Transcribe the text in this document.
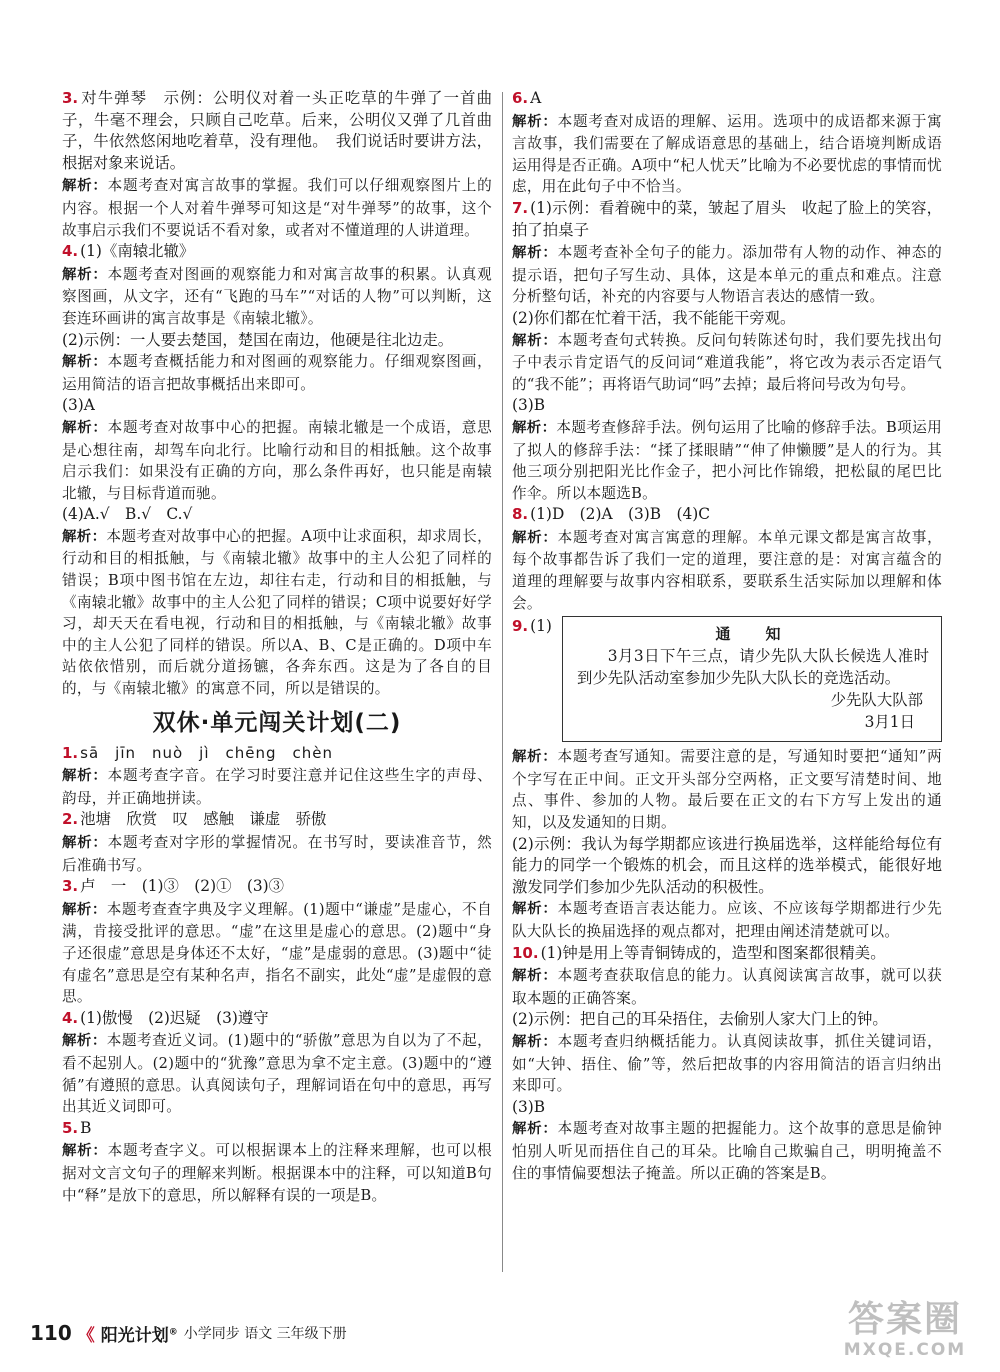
3. 对牛弹琴　示例：公明仪对着一头正吃草的牛弹了一首曲子，牛毫不理会，只顾自己吃草。后来，公明仪又弹了几首曲子，牛依然悠闲地吃着草，没有理他。　我们说话时要讲方法，根据对象来说话。

解析：本题考查对寓言故事的掌握。我们可以仔细观察图片上的内容。根据一个人对着牛弹琴可知这是“对牛弹琴”的故事，这个故事启示我们不要说话不看对象，或者对不懂道理的人讲道理。

4. (1)《南辕北辙》

解析：本题考查对图画的观察能力和对寓言故事的积累。认真观察图画，从文字，还有“飞跑的马车”“对话的人物”可以判断，这套连环画讲的寓言故事是《南辕北辙》。

(2)示例：一人要去楚国，楚国在南边，他硬是往北边走。

解析：本题考查概括能力和对图画的观察能力。仔细观察图画，运用简洁的语言把故事概括出来即可。

(3)A

解析：本题考查对故事中心的把握。南辕北辙是一个成语，意思是心想往南，却驾车向北行。比喻行动和目的相抵触。这个故事启示我们：如果没有正确的方向，那么条件再好，也只能是南辕北辙，与目标背道而驰。

(4)A.√　B.√　C.√

解析：本题考查对故事中心的把握。A项中让求面积，却求周长，行动和目的相抵触，与《南辕北辙》故事中的主人公犯了同样的错误；B项中图书馆在左边，却往右走，行动和目的相抵触，与《南辕北辙》故事中的主人公犯了同样的错误；C项中说要好好学习，却天天在看电视，行动和目的相抵触，与《南辕北辙》故事中的主人公犯了同样的错误。所以A、B、C是正确的。D项中车站依依惜别，而后就分道扬镳，各奔东西。这是为了各自的目的，与《南辕北辙》的寓意不同，所以是错误的。

双休·单元闯关计划(二)

1. sā　jīn　nuò　jì　chēng　chèn

解析：本题考查字音。在学习时要注意并记住这些生字的声母、韵母，并正确地拼读。

2. 池塘　欣赏　叹　感触　谦虚　骄傲

解析：本题考查对字形的掌握情况。在书写时，要读准音节，然后准确书写。

3. 卢　一　(1)③　(2)①　(3)③

解析：本题考查查字典及字义理解。(1)题中“谦虚”是虚心，不自满，肯接受批评的意思。“虚”在这里是虚心的意思。(2)题中“身子还很虚”意思是身体还不太好，“虚”是虚弱的意思。(3)题中“徒有虚名”意思是空有某种名声，指名不副实，此处“虚”是虚假的意思。

4. (1)傲慢　(2)迟疑　(3)遵守

解析：本题考查近义词。(1)题中的“骄傲”意思为自以为了不起，看不起别人。(2)题中的“犹豫”意思为拿不定主意。(3)题中的“遵循”有遵照的意思。认真阅读句子，理解词语在句中的意思，再写出其近义词即可。

5. B

解析：本题考查字义。可以根据课本上的注释来理解，也可以根据对文言文句子的理解来判断。根据课本中的注释，可以知道B句中“释”是放下的意思，所以解释有误的一项是B。

6. A

解析：本题考查对成语的理解、运用。选项中的成语都来源于寓言故事，我们需要在了解成语意思的基础上，结合语境判断成语运用得是否正确。A项中“杞人忧天”比喻为不必要忧虑的事情而忧虑，用在此句子中不恰当。

7. (1)示例：看着碗中的菜，皱起了眉头　收起了脸上的笑容，拍了拍桌子

解析：本题考查补全句子的能力。添加带有人物的动作、神态的提示语，把句子写生动、具体，这是本单元的重点和难点。注意分析整句话，补充的内容要与人物语言表达的感情一致。

(2)你们都在忙着干活，我不能能干旁观。

解析：本题考查句式转换。反问句转陈述句时，我们要先找出句子中表示肯定语气的反问词“难道我能”，将它改为表示否定语气的“我不能”；再将语气助词“吗”去掉；最后将问号改为句号。

(3)B

解析：本题考查修辞手法。例句运用了比喻的修辞手法。B项运用了拟人的修辞手法：“揉了揉眼睛”“伸了伸懒腰”是人的行为。其他三项分别把阳光比作金子，把小河比作锦缎，把松鼠的尾巴比作伞。所以本题选B。

8. (1)D　(2)A　(3)B　(4)C

解析：本题考查对寓言寓意的理解。本单元课文都是寓言故事，每个故事都告诉了我们一定的道理，要注意的是：对寓言蕴含的道理的理解要与故事内容相联系，要联系生活实际加以理解和体会。

9. (1)	通　知
3月3日下午三点，请少先队大队长候选人准时到少先队活动室参加少先队大队长的竞选活动。
少先队大队部
3月1日

解析：本题考查写通知。需要注意的是，写通知时要把“通知”两个字写在正中间。正文开头部分空两格，正文要写清楚时间、地点、事件、参加的人物。最后要在正文的右下方写上发出的通知，以及发通知的日期。

(2)示例：我认为每学期都应该进行换届选举，这样能给每位有能力的同学一个锻炼的机会，而且这样的选举模式，能很好地激发同学们参加少先队活动的积极性。

解析：本题考查语言表达能力。应该、不应该每学期都进行少先队大队长的换届选择的观点都对，把理由阐述清楚就可以。

10. (1)钟是用上等青铜铸成的，造型和图案都很精美。

解析：本题考查获取信息的能力。认真阅读寓言故事，就可以获取本题的正确答案。

(2)示例：把自己的耳朵捂住，去偷别人家大门上的钟。

解析：本题考查归纳概括能力。认真阅读故事，抓住关键词语，如“大钟、捂住、偷”等，然后把故事的内容用简洁的语言归纳出来即可。

(3)B

解析：本题考查对故事主题的把握能力。这个故事的意思是偷钟怕别人听见而捂住自己的耳朵。比喻自己欺骗自己，明明掩盖不住的事情偏要想法子掩盖。所以正确的答案是B。

110 《 阳光计划® 小学同步 语文 三年级下册	答案圈
MXQE.COM
